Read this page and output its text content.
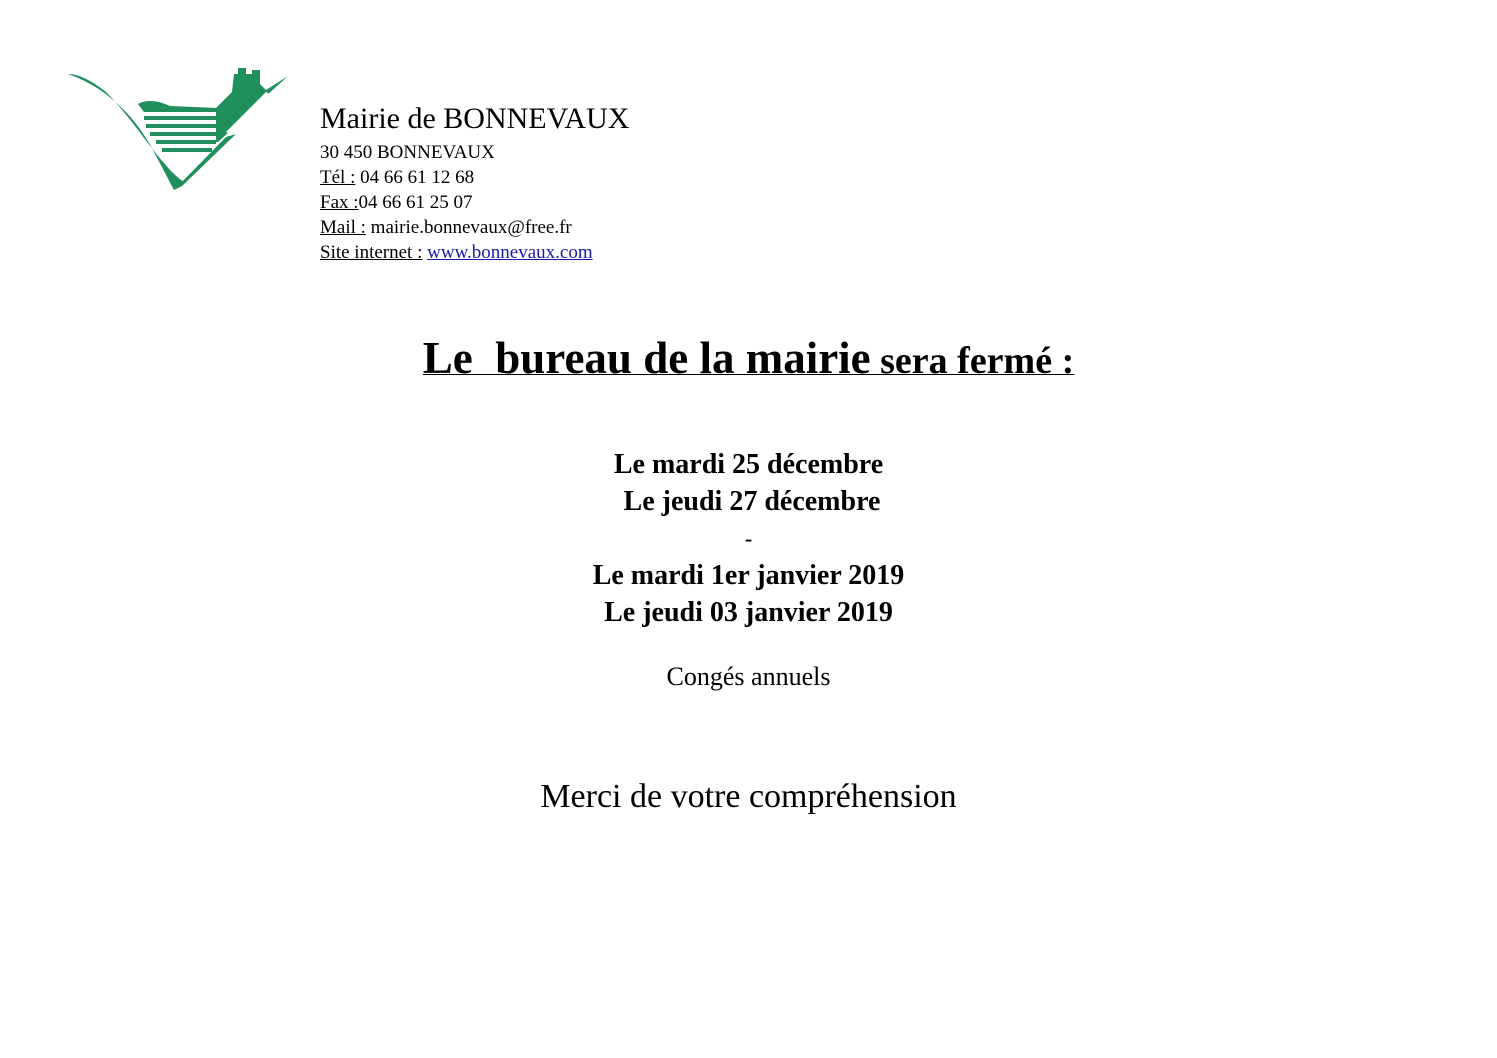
Mairie de BONNEVAUX
30 450 BONNEVAUX
Tél : 04 66 61 12 68
Fax :04 66 61 25 07
Mail : mairie.bonnevaux@free.fr
Site internet : www.bonnevaux.com
Le  bureau de la mairie sera fermé :
Le mardi 25 décembre
Le jeudi 27 décembre
-
Le mardi 1er janvier 2019
Le jeudi 03 janvier 2019
Congés annuels
Merci de votre compréhension
